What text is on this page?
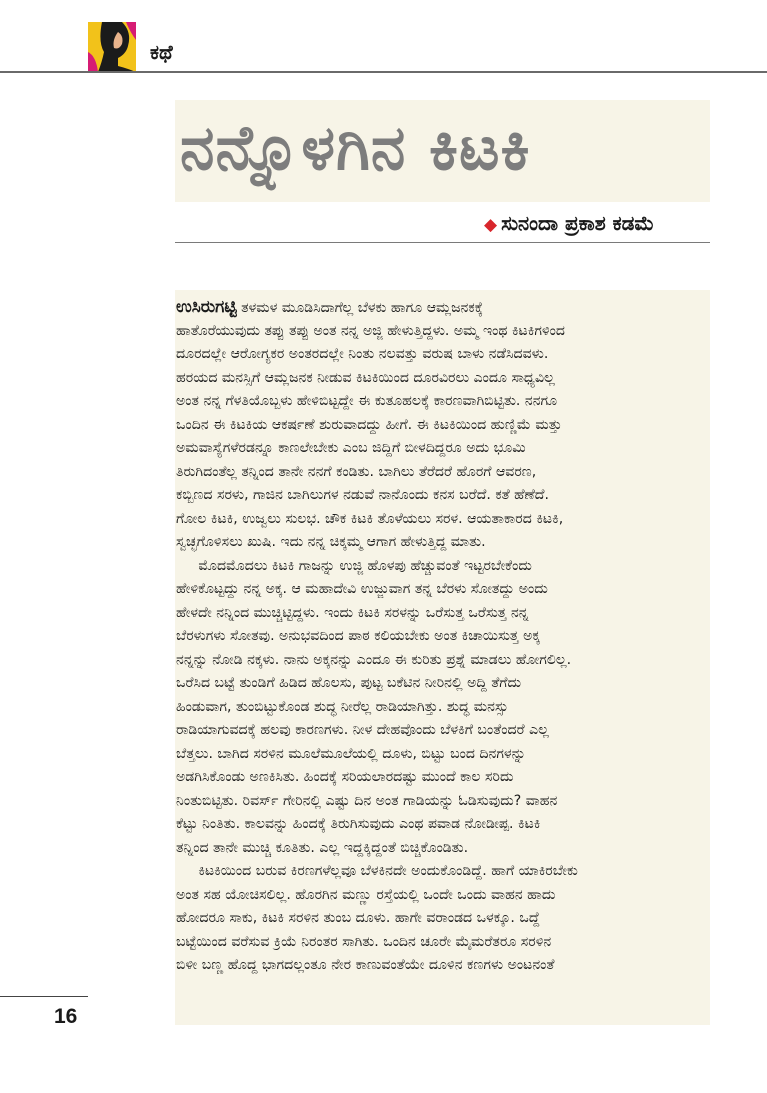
ಕಥೆ
ನನ್ನೊಳಗಿನ ಕಿಟಕಿ
◆ ಸುನಂದಾ ಪ್ರಕಾಶ ಕಡಮೆ
ಉಸಿರುಗಟ್ಟಿ ತಳಮಳ ಮೂಡಿಸಿದಾಗೆಲ್ಲ ಬೆಳಕು ಹಾಗೂ ಆಮ್ಲಜನಕಕ್ಕೆ
ಹಾತೊರೆಯುವುದು ತಪ್ಪು ತಪ್ಪು ಅಂತ ನನ್ನ ಅಜ್ಜಿ ಹೇಳುತ್ತಿದ್ದಳು. ಅಮ್ಮ ಇಂಥ ಕಿಟಕಿಗಳಿಂದ
ದೂರದಲ್ಲೇ ಆರೋಗ್ಯಕರ ಅಂತರದಲ್ಲೇ ನಿಂತು ನಲವತ್ತು ವರುಷ ಬಾಳು ನಡೆಸಿದವಳು.
ಹರಯದ ಮನಸ್ಸಿಗೆ ಆಮ್ಲಜನಕ ನೀಡುವ ಕಿಟಕಿಯಿಂದ ದೂರವಿರಲು ಎಂದೂ ಸಾಧ್ಯವಿಲ್ಲ
ಅಂತ ನನ್ನ ಗೆಳತಿಯೊಬ್ಬಳು ಹೇಳಿಬಿಟ್ಟದ್ದೇ ಈ ಕುತೂಹಲಕ್ಕೆ ಕಾರಣವಾಗಿಬಿಟ್ಟಿತು. ನನಗೂ
ಒಂದಿನ ಈ ಕಿಟಕಿಯ ಆಕರ್ಷಣೆ ಶುರುವಾದದ್ದು ಹೀಗೆ. ಈ ಕಿಟಕಿಯಿಂದ ಹುಣ್ಣಿಮೆ ಮತ್ತು
ಅಮವಾಸ್ಯೆಗಳೆರಡನ್ನೂ ಕಾಣಲೇಬೇಕು ಎಂಬ ಜಿದ್ದಿಗೆ ಬೀಳದಿದ್ದರೂ ಅದು ಭೂಮಿ
ತಿರುಗಿದಂತೆಲ್ಲ ತನ್ನಿಂದ ತಾನೇ ನನಗೆ ಕಂಡಿತು. ಬಾಗಿಲು ತೆರೆದರೆ ಹೊರಗೆ ಆವರಣ,
ಕಬ್ಬಿಣದ ಸರಳು, ಗಾಜಿನ ಬಾಗಿಲುಗಳ ನಡುವೆ ನಾನೊಂದು ಕನಸ ಬರೆದೆ. ಕತೆ ಹೆಣೆದೆ.
ಗೋಲ ಕಿಟಕಿ, ಉಜ್ವಲು ಸುಲಭ. ಚೌಕ ಕಿಟಕಿ ತೊಳೆಯಲು ಸರಳ. ಆಯತಾಕಾರದ ಕಿಟಕಿ,
ಸ್ವಚ್ಛಗೊಳಿಸಲು ಖುಷಿ. ಇದು ನನ್ನ ಚಿಕ್ಕಮ್ಮ ಆಗಾಗ ಹೇಳುತ್ತಿದ್ದ ಮಾತು.
ಮೊದಮೊದಲು ಕಿಟಕಿ ಗಾಜನ್ನು ಉಜ್ಜಿ ಹೊಳಪು ಹೆಚ್ಚುವಂತೆ ಇಟ್ಟರಬೇಕೆಂದು
ಹೇಳಿಕೊಟ್ಟದ್ದು ನನ್ನ ಅಕ್ಕ. ಆ ಮಹಾದೇವಿ ಉಜ್ಜುವಾಗ ತನ್ನ ಬೆರಳು ಸೋತದ್ದು ಅಂದು
ಹೇಳದೇ ನನ್ನಿಂದ ಮುಚ್ಚಿಟ್ಟಿದ್ದಳು. ಇಂದು ಕಿಟಕಿ ಸರಳನ್ನು ಒರೆಸುತ್ತ ಒರೆಸುತ್ತ ನನ್ನ
ಬೆರಳುಗಳು ಸೋತವು. ಅನುಭವದಿಂದ ಪಾಠ ಕಲಿಯಬೇಕು ಅಂತ ಕಿಚಾಯಿಸುತ್ತ ಅಕ್ಕ
ನನ್ನನ್ನು ನೋಡಿ ನಕ್ಕಳು. ನಾನು ಅಕ್ಕನನ್ನು ಎಂದೂ ಈ ಕುರಿತು ಪ್ರಶ್ನೆ ಮಾಡಲು ಹೋಗಲಿಲ್ಲ.
ಒರೆಸಿದ ಬಟ್ಟೆ ತುಂಡಿಗೆ ಹಿಡಿದ ಹೊಲಸು, ಪುಟ್ಟ ಬಕೆಟಿನ ನೀರಿನಲ್ಲಿ ಅದ್ದಿ ತೆಗೆದು
ಹಿಂಡುವಾಗ, ತುಂಬಿಟ್ಟುಕೊಂಡ ಶುದ್ಧ ನೀರೆಲ್ಲ ರಾಡಿಯಾಗಿತ್ತು. ಶುದ್ಧ ಮನಸ್ಸು
ರಾಡಿಯಾಗುವದಕ್ಕೆ ಹಲವು ಕಾರಣಗಳು. ನೀಳ ದೇಹವೊಂದು ಬೆಳಕಿಗೆ ಬಂತೆಂದರೆ ಎಲ್ಲ
ಬೆತ್ತಲು. ಬಾಗಿದ ಸರಳಿನ ಮೂಲೆಮೂಲೆಯಲ್ಲಿ ದೂಳು, ಬಿಟ್ಟು ಬಂದ ದಿನಗಳನ್ನು
ಅಡಗಿಸಿಕೊಂಡು ಅಣಕಿಸಿತು. ಹಿಂದಕ್ಕೆ ಸರಿಯಲಾರದಷ್ಟು ಮುಂದೆ ಕಾಲ ಸರಿದು
ನಿಂತುಬಿಟ್ಟಿತು. ರಿವರ್ಸ್ ಗೇರಿನಲ್ಲಿ ಎಷ್ಟು ದಿನ ಅಂತ ಗಾಡಿಯನ್ನು ಓಡಿಸುವುದು? ವಾಹನ
ಕೆಟ್ಟು ನಿಂತಿತು. ಕಾಲವನ್ನು ಹಿಂದಕ್ಕೆ ತಿರುಗಿಸುವುದು ಎಂಥ ಪವಾಡ ನೋಡೀಪ್ಪ. ಕಿಟಕಿ
ತನ್ನಿಂದ ತಾನೇ ಮುಚ್ಚಿ ಕೂತಿತು. ಎಲ್ಲ ಇದ್ದಕ್ಕಿದ್ದಂತೆ ಬಿಚ್ಚಿಕೊಂಡಿತು.
ಕಿಟಕಿಯಿಂದ ಬರುವ ಕಿರಣಗಳೆಲ್ಲವೂ ಬೆಳಕಿನದೇ ಅಂದುಕೊಂಡಿದ್ದೆ. ಹಾಗೆ ಯಾಕಿರಬೇಕು
ಅಂತ ಸಹ ಯೋಚಿಸಲಿಲ್ಲ. ಹೊರಗಿನ ಮಣ್ಣು ರಸ್ತೆಯಲ್ಲಿ ಒಂದೇ ಒಂದು ವಾಹನ ಹಾದು
ಹೋದರೂ ಸಾಕು, ಕಿಟಕಿ ಸರಳಿನ ತುಂಬ ದೂಳು. ಹಾಗೇ ವರಾಂಡದ ಒಳಕ್ಕೂ. ಒದ್ದೆ
ಬಟ್ಟೆಯಿಂದ ವರೆಸುವ ಕ್ರಿಯೆ ನಿರಂತರ ಸಾಗಿತು. ಒಂದಿನ ಚೂರೇ ಮೈಮರೆತರೂ ಸರಳಿನ
ಬಿಳೀ ಬಣ್ಣ ಹೊದ್ದ ಭಾಗದಲ್ಲಂತೂ ನೇರ ಕಾಣುವಂತೆಯೇ ದೂಳಿನ ಕಣಗಳು ಅಂಟನಂತೆ
16
